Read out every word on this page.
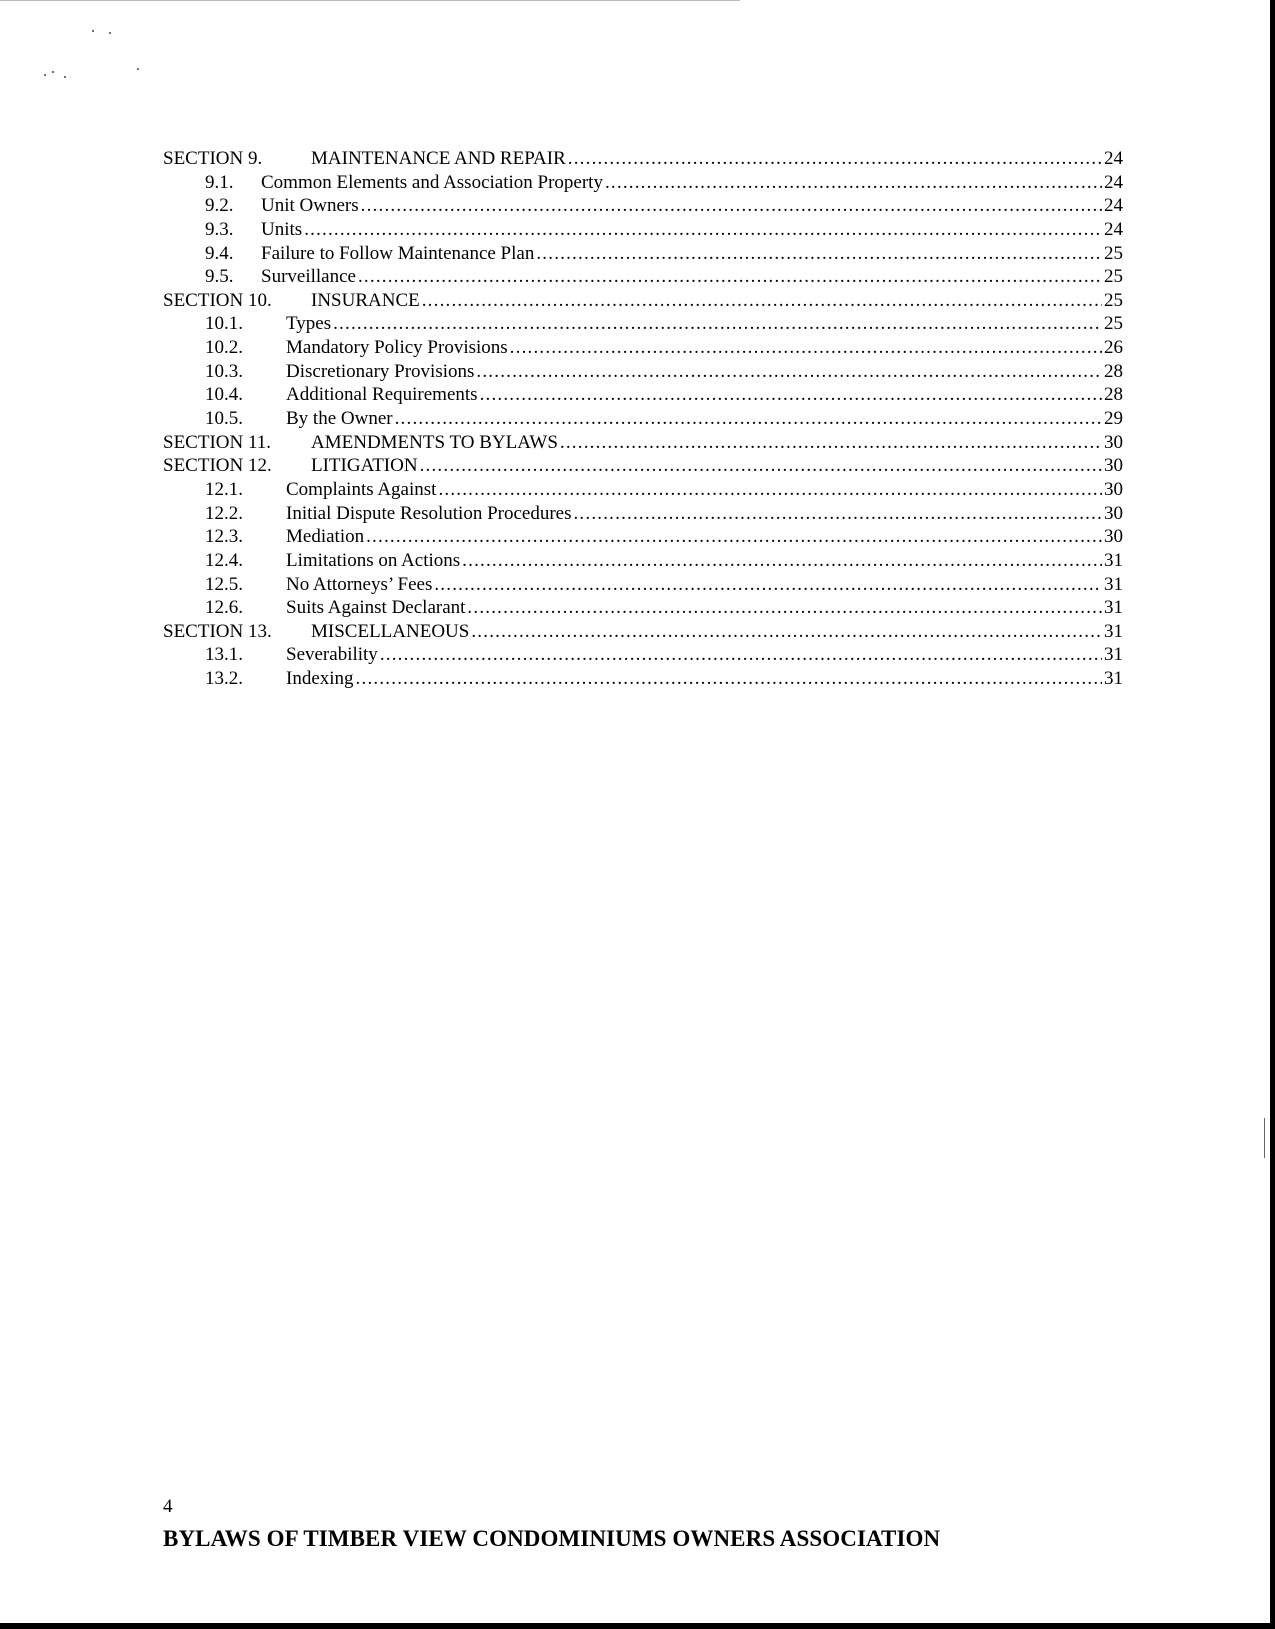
SECTION 9.	MAINTENANCE AND REPAIR .....	24
9.1.	Common Elements and Association Property .....	24
9.2.	Unit Owners .....	24
9.3.	Units .....	24
9.4.	Failure to Follow Maintenance Plan .....	25
9.5.	Surveillance .....	25
SECTION 10.	INSURANCE .....	25
10.1.	Types .....	25
10.2.	Mandatory Policy Provisions .....	26
10.3.	Discretionary Provisions .....	28
10.4.	Additional Requirements .....	28
10.5.	By the Owner .....	29
SECTION 11.	AMENDMENTS TO BYLAWS .....	30
SECTION 12.	LITIGATION .....	30
12.1.	Complaints Against .....	30
12.2.	Initial Dispute Resolution Procedures .....	30
12.3.	Mediation .....	30
12.4.	Limitations on Actions .....	31
12.5.	No Attorneys’ Fees .....	31
12.6.	Suits Against Declarant .....	31
SECTION 13.	MISCELLANEOUS .....	31
13.1.	Severability .....	31
13.2.	Indexing .....	31
4
BYLAWS OF TIMBER VIEW CONDOMINIUMS OWNERS ASSOCIATION
